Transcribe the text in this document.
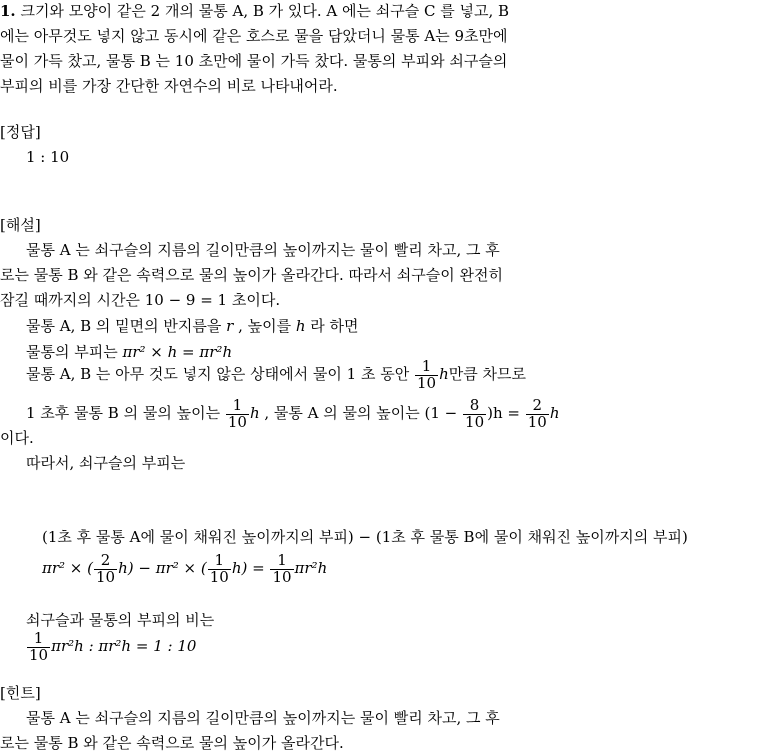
1. 크기와 모양이 같은 2 개의 물통 A, B 가 있다. A 에는 쇠구슬 C 를 넣고, B
에는 아무것도 넣지 않고 동시에 같은 호스로 물을 담았더니 물통 A는 9초만에
물이 가득 찼고, 물통 B 는 10 초만에 물이 가득 찼다. 물통의 부피와 쇠구슬의
부피의 비를 가장 간단한 자연수의 비로 나타내어라.
[정답]
1 : 10
[해설]
물통 A 는 쇠구슬의 지름의 길이만큼의 높이까지는 물이 빨리 차고, 그 후
로는 물통 B 와 같은 속력으로 물의 높이가 올라간다. 따라서 쇠구슬이 완전히
잠길 때까지의 시간은 10 − 9 = 1 초이다.
물통 A, B 의 밑면의 반지름을 r , 높이를 h 라 하면
물통의 부피는 πr² × h = πr²h
물통 A, B 는 아무 것도 넣지 않은 상태에서 물이 1 초 동안 $\frac{1}{10}$ h만큼 차므로
1 초후 물통 B 의 물의 높이는 $\frac{1}{10}$ h , 물통 A 의 물의 높이는 $(1 - \frac{8}{10} )h = \frac{2}{10}$ h
이다.
따라서, 쇠구슬의 부피는
(1초 후 물통 A에 물이 채워진 높이까지의 부피) − (1초 후 물통 B에 물이 채워진 높이까지의 부피)
πr² × ( $\frac{2}{10} h) - \pi r^2$ × ( $\frac{1}{10} h) = \frac{1}{10} \pi r^2h$
쇠구슬과 물통의 부피의 비는
$\frac{1}{10} \pi r^2h$ : πr²h = 1 : 10
[힌트]
물통 A 는 쇠구슬의 지름의 길이만큼의 높이까지는 물이 빨리 차고, 그 후
로는 물통 B 와 같은 속력으로 물의 높이가 올라간다.
